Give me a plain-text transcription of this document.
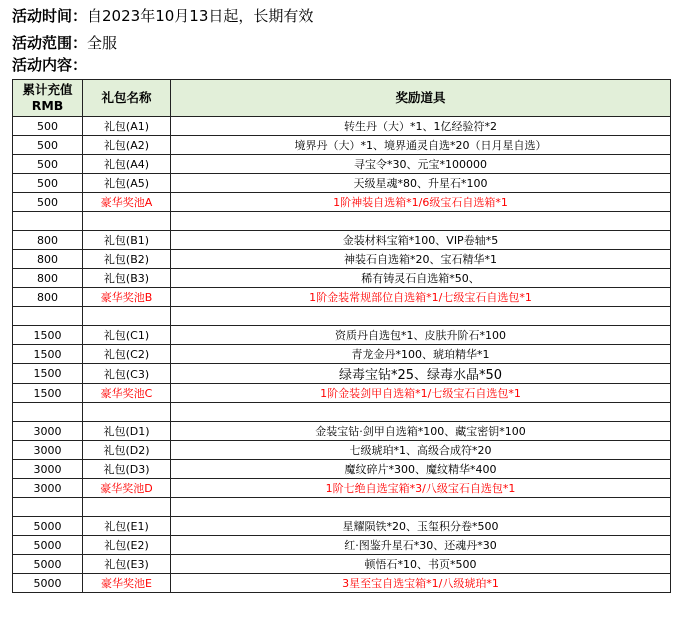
活动时间：自2023年10月13日起，长期有效
活动范围：全服
活动内容：
累计充值
RMB	礼包名称	奖励道具
500	礼包(A1)	转生丹（大）*1、1亿经验符*2
500	礼包(A2)	境界丹（大）*1、境界通灵自选*20（日月星自选）
500	礼包(A4)	寻宝令*30、元宝*100000
500	礼包(A5)	天级星魂*80、升星石*100
500	豪华奖池A	1阶神装自选箱*1/6级宝石自选箱*1

800	礼包(B1)	金装材料宝箱*100、VIP卷轴*5
800	礼包(B2)	神装石自选箱*20、宝石精华*1
800	礼包(B3)	稀有铸灵石自选箱*50、
800	豪华奖池B	1阶金装常规部位自选箱*1/七级宝石自选包*1

1500	礼包(C1)	资质丹自选包*1、皮肤升阶石*100
1500	礼包(C2)	青龙金丹*100、琥珀精华*1
1500	礼包(C3)	绿毒宝钻*25、绿毒水晶*50
1500	豪华奖池C	1阶金装剑甲自选箱*1/七级宝石自选包*1

3000	礼包(D1)	金装宝钻·剑甲自选箱*100、藏宝密钥*100
3000	礼包(D2)	七级琥珀*1、高级合成符*20
3000	礼包(D3)	魔纹碎片*300、魔纹精华*400
3000	豪华奖池D	1阶七绝自选宝箱*3/八级宝石自选包*1

5000	礼包(E1)	星耀陨铁*20、玉玺积分卷*500
5000	礼包(E2)	红·图鉴升星石*30、还魂丹*30
5000	礼包(E3)	顿悟石*10、书页*500
5000	豪华奖池E	3星至宝自选宝箱*1/八级琥珀*1
